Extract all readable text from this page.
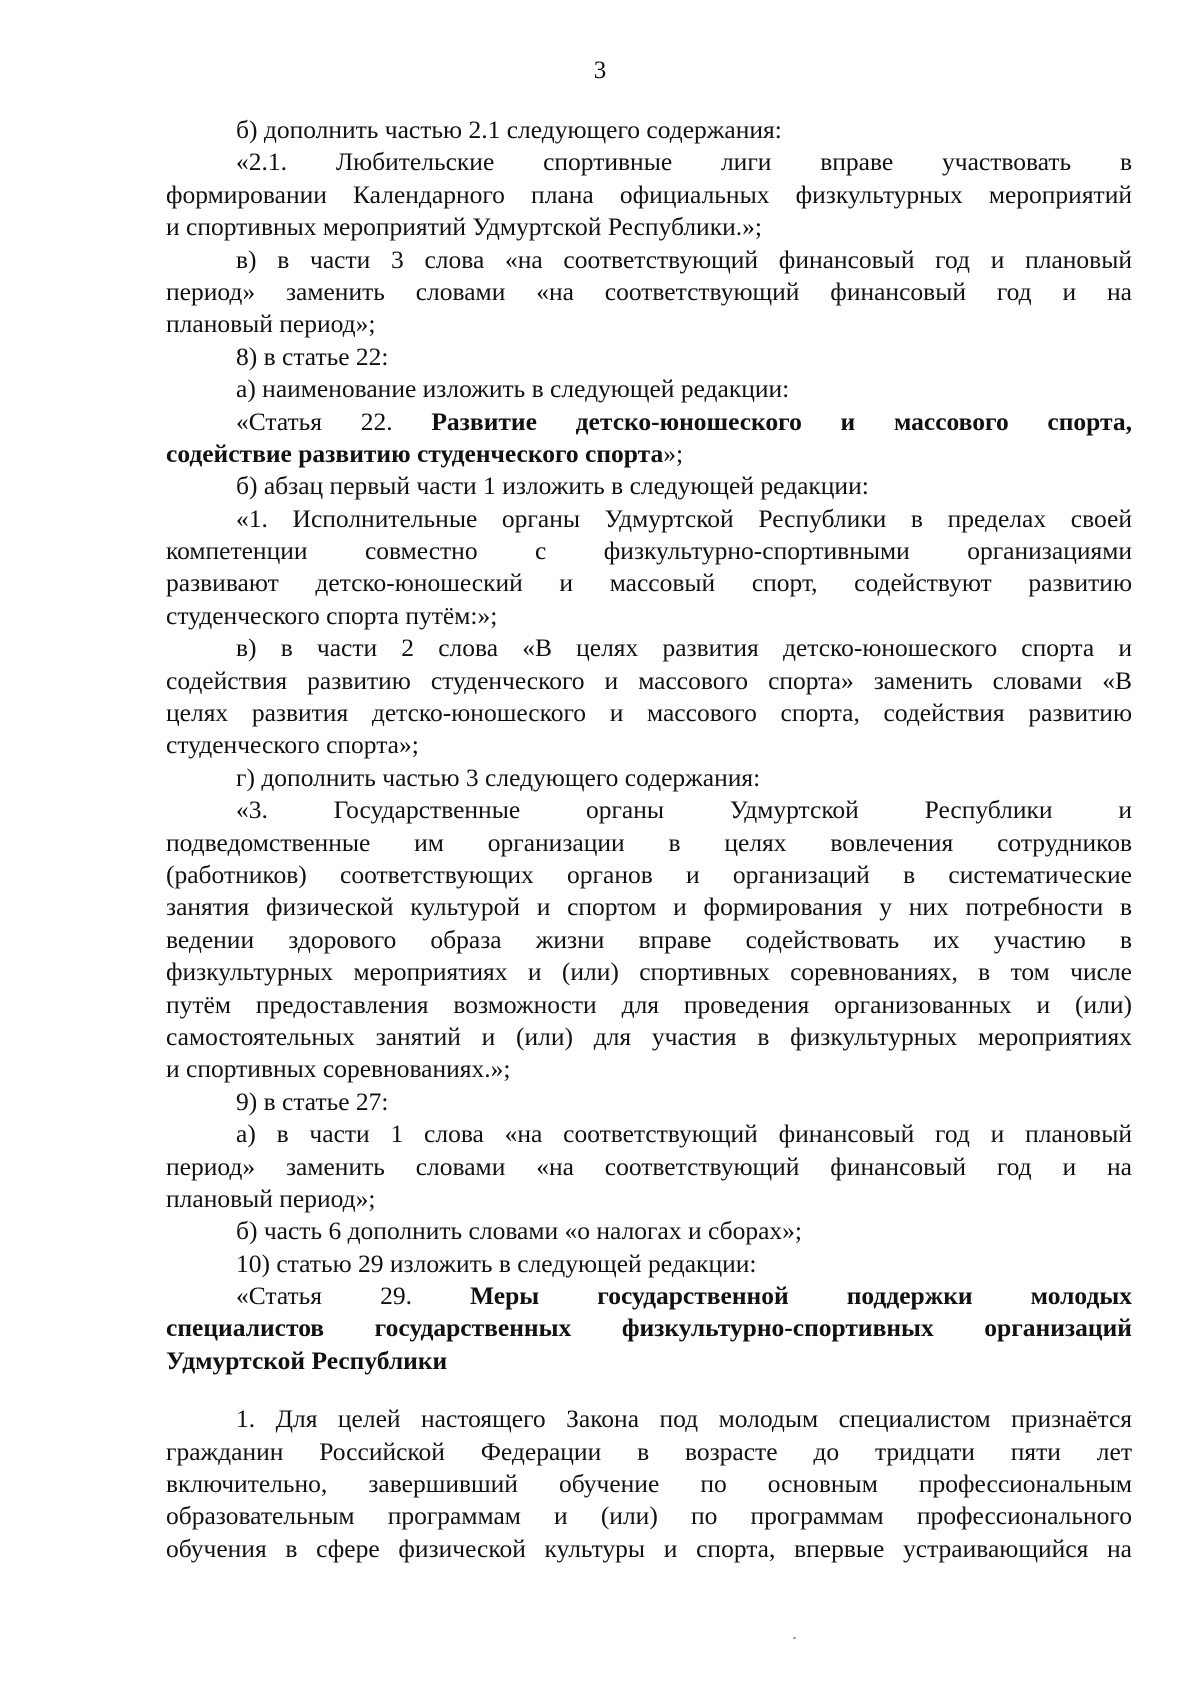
3
б) дополнить частью 2.1 следующего содержания:
«2.1. Любительские спортивные лиги вправе участвовать в
формировании Календарного плана официальных физкультурных мероприятий
и спортивных мероприятий Удмуртской Республики.»;
в) в части 3 слова «на соответствующий финансовый год и плановый
период» заменить словами «на соответствующий финансовый год и на
плановый период»;
8) в статье 22:
а) наименование изложить в следующей редакции:
«Статья 22. Развитие детско-юношеского и массового спорта,
содействие развитию студенческого спорта»;
б) абзац первый части 1 изложить в следующей редакции:
«1. Исполнительные органы Удмуртской Республики в пределах своей
компетенции совместно с физкультурно-спортивными организациями
развивают детско-юношеский и массовый спорт, содействуют развитию
студенческого спорта путём:»;
в) в части 2 слова «В целях развития детско-юношеского спорта и
содействия развитию студенческого и массового спорта» заменить словами «В
целях развития детско-юношеского и массового спорта, содействия развитию
студенческого спорта»;
г) дополнить частью 3 следующего содержания:
«3. Государственные органы Удмуртской Республики и
подведомственные им организации в целях вовлечения сотрудников
(работников) соответствующих органов и организаций в систематические
занятия физической культурой и спортом и формирования у них потребности в
ведении здорового образа жизни вправе содействовать их участию в
физкультурных мероприятиях и (или) спортивных соревнованиях, в том числе
путём предоставления возможности для проведения организованных и (или)
самостоятельных занятий и (или) для участия в физкультурных мероприятиях
и спортивных соревнованиях.»;
9) в статье 27:
а) в части 1 слова «на соответствующий финансовый год и плановый
период» заменить словами «на соответствующий финансовый год и на
плановый период»;
б) часть 6 дополнить словами «о налогах и сборах»;
10) статью 29 изложить в следующей редакции:
«Статья 29. Меры государственной поддержки молодых
специалистов государственных физкультурно-спортивных организаций
Удмуртской Республики
1. Для целей настоящего Закона под молодым специалистом признаётся
гражданин Российской Федерации в возрасте до тридцати пяти лет
включительно, завершивший обучение по основным профессиональным
образовательным программам и (или) по программам профессионального
обучения в сфере физической культуры и спорта, впервые устраивающийся на
